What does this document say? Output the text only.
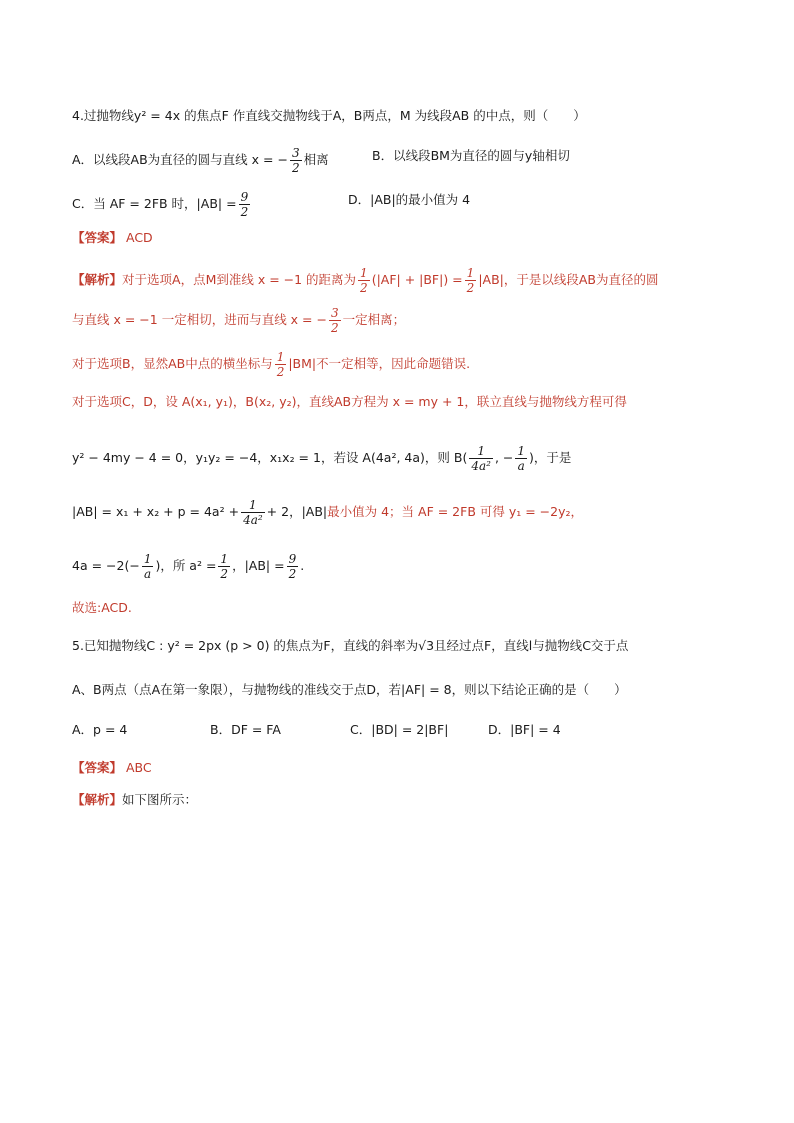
4.过抛物线y² = 4x 的焦点F 作直线交抛物线于A，B两点，M 为线段AB 的中点，则（　　）
A．以线段AB为直径的圆与直线 x = − $\frac{3}{2}$ 相离	B．以线段BM为直径的圆与y轴相切
C．当 AF = 2FB 时，$|AB| = \frac{9}{2}$	D．|AB|的最小值为 4
【答案】 ACD
【解析】对于选项A，点M到准线 x = −1 的距离为 $\frac{1}{2} (|AF| + |BF|) = \frac{1}{2} |AB|$，于是以线段AB为直径的圆
与直线 x = −1 一定相切，进而与直线 x = − $\frac{3}{2}$ 一定相离；
对于选项B，显然AB中点的横坐标与 $\frac{1}{2} |BM|$不一定相等，因此命题错误.
对于选项C，D，设 A(x₁, y₁)，B(x₂, y₂)，直线AB方程为 x = my + 1，联立直线与抛物线方程可得
y² − 4my − 4 = 0，y₁y₂ = −4，x₁x₂ = 1，若设 A(4a², 4a)，则 $B( \frac{1}{\text{4a²}}$ , − $\frac{1}{a}$ )，于是
$|AB| = x_1 + x_2 + p = 4a^2 + \frac{1}{\text{4a²}} + 2$，|AB|最小值为 4；当 AF = 2FB 可得 y₁ = −2y₂，
$4a = -2(- \frac{1}{a}$ )，所 $a^2 = \frac{1}{2}$ ，$|AB| = \frac{9}{2}$ .
故选:ACD.
5.已知抛物线C : y² = 2px (p > 0) 的焦点为F，直线的斜率为√3且经过点F，直线l与抛物线C交于点
A、B两点（点A在第一象限），与抛物线的准线交于点D，若|AF| = 8，则以下结论正确的是（　　）
A．p = 4	B．DF = FA	C．|BD| = 2|BF|	D．|BF| = 4
【答案】 ABC
【解析】如下图所示：
